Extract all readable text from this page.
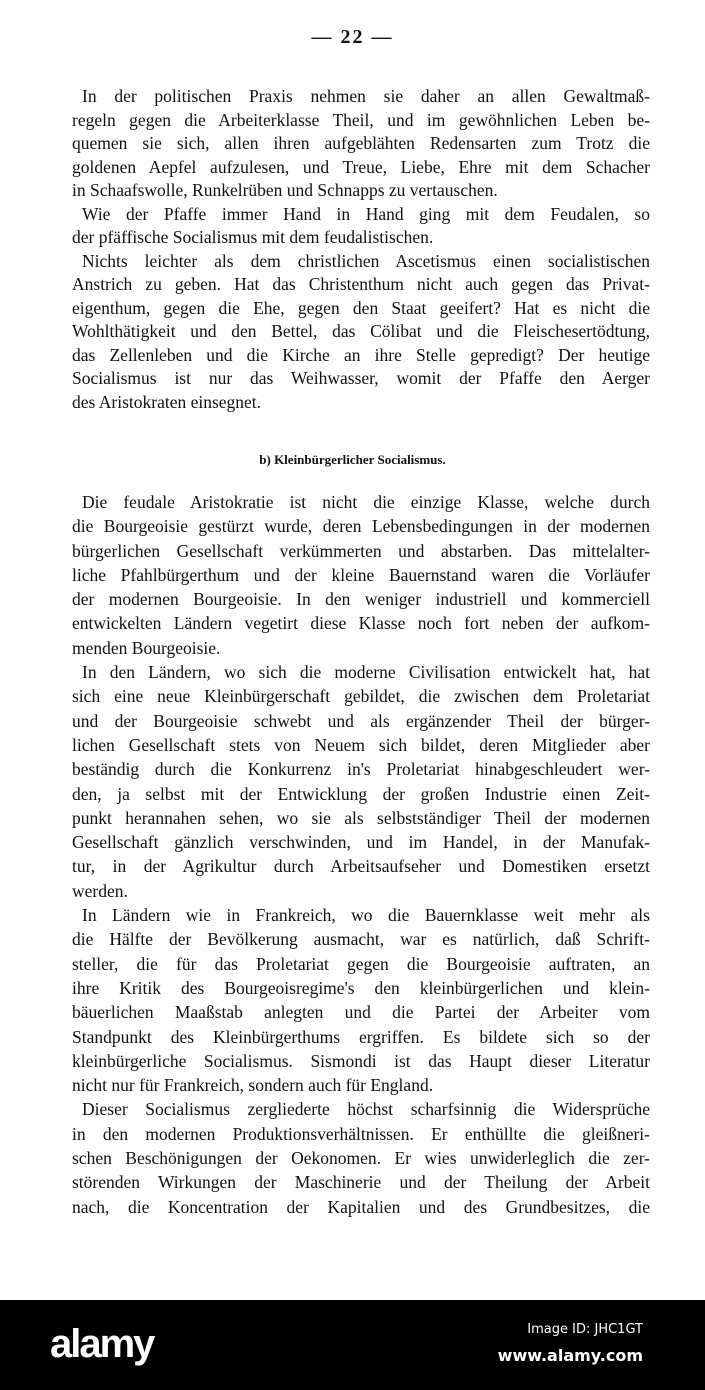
— 22 —
In der politischen Praxis nehmen sie daher an allen Gewaltmaß-
regeln gegen die Arbeiterklasse Theil, und im gewöhnlichen Leben be-
quemen sie sich, allen ihren aufgeblähten Redensarten zum Trotz die
goldenen Aepfel aufzulesen, und Treue, Liebe, Ehre mit dem Schacher
in Schaafswolle, Runkelrüben und Schnapps zu vertauschen.
Wie der Pfaffe immer Hand in Hand ging mit dem Feudalen, so
der pfäffische Socialismus mit dem feudalistischen.
Nichts leichter als dem christlichen Ascetismus einen socialistischen
Anstrich zu geben. Hat das Christenthum nicht auch gegen das Privat-
eigenthum, gegen die Ehe, gegen den Staat geeifert? Hat es nicht die
Wohlthätigkeit und den Bettel, das Cölibat und die Fleischesertödtung,
das Zellenleben und die Kirche an ihre Stelle gepredigt? Der heutige
Socialismus ist nur das Weihwasser, womit der Pfaffe den Aerger
des Aristokraten einsegnet.
b) Kleinbürgerlicher Socialismus.
Die feudale Aristokratie ist nicht die einzige Klasse, welche durch
die Bourgeoisie gestürzt wurde, deren Lebensbedingungen in der modernen
bürgerlichen Gesellschaft verkümmerten und abstarben. Das mittelalter-
liche Pfahlbürgerthum und der kleine Bauernstand waren die Vorläufer
der modernen Bourgeoisie. In den weniger industriell und kommerciell
entwickelten Ländern vegetirt diese Klasse noch fort neben der aufkom-
menden Bourgeoisie.
In den Ländern, wo sich die moderne Civilisation entwickelt hat, hat
sich eine neue Kleinbürgerschaft gebildet, die zwischen dem Proletariat
und der Bourgeoisie schwebt und als ergänzender Theil der bürger-
lichen Gesellschaft stets von Neuem sich bildet, deren Mitglieder aber
beständig durch die Konkurrenz in's Proletariat hinabgeschleudert wer-
den, ja selbst mit der Entwicklung der großen Industrie einen Zeit-
punkt herannahen sehen, wo sie als selbstständiger Theil der modernen
Gesellschaft gänzlich verschwinden, und im Handel, in der Manufak-
tur, in der Agrikultur durch Arbeitsaufseher und Domestiken ersetzt
werden.
In Ländern wie in Frankreich, wo die Bauernklasse weit mehr als
die Hälfte der Bevölkerung ausmacht, war es natürlich, daß Schrift-
steller, die für das Proletariat gegen die Bourgeoisie auftraten, an
ihre Kritik des Bourgeoisregime's den kleinbürgerlichen und klein-
bäuerlichen Maaßstab anlegten und die Partei der Arbeiter vom
Standpunkt des Kleinbürgerthums ergriffen. Es bildete sich so der
kleinbürgerliche Socialismus. Sismondi ist das Haupt dieser Literatur
nicht nur für Frankreich, sondern auch für England.
Dieser Socialismus zergliederte höchst scharfsinnig die Widersprüche
in den modernen Produktionsverhältnissen. Er enthüllte die gleißneri-
schen Beschönigungen der Oekonomen. Er wies unwiderleglich die zer-
störenden Wirkungen der Maschinerie und der Theilung der Arbeit
nach, die Koncentration der Kapitalien und des Grundbesitzes, die
alamy	Image ID: JHC1GT
www.alamy.com
